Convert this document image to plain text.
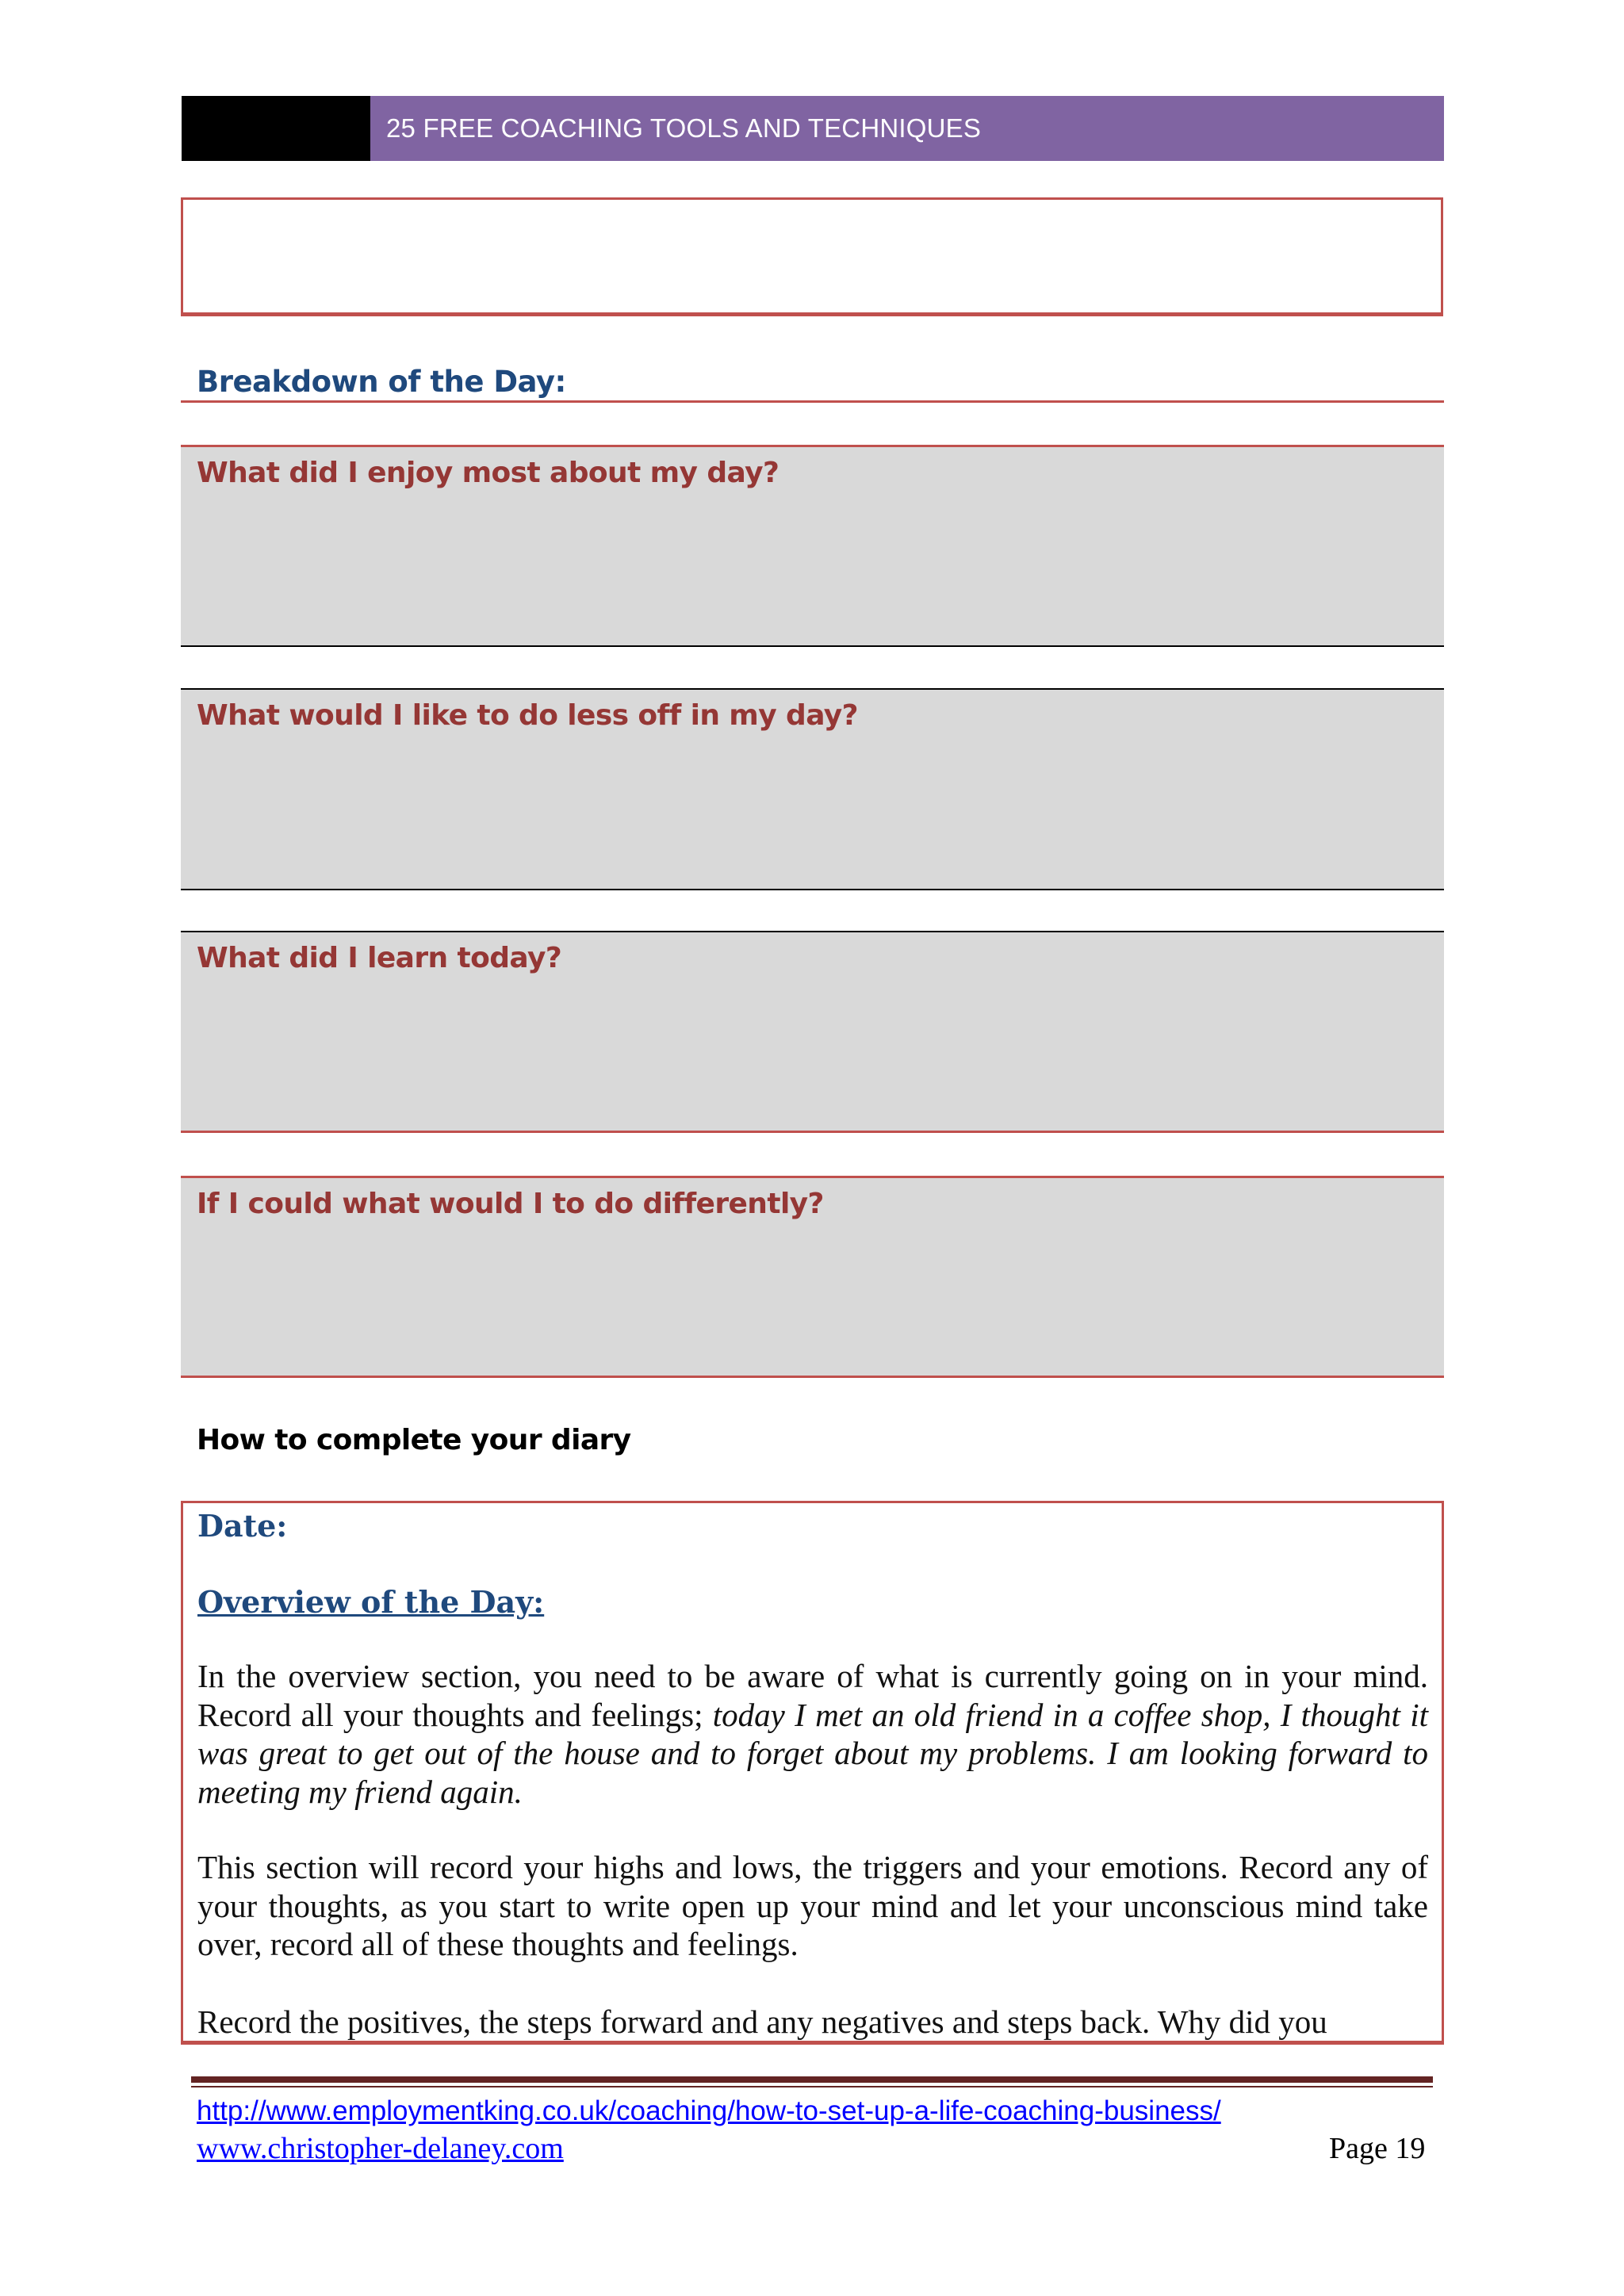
25 FREE COACHING TOOLS AND TECHNIQUES
Breakdown of the Day:
What did I enjoy most about my day?
What would I like to do less off in my day?
What did I learn today?
If I could what would I to do differently?
How to complete your diary
Date:
Overview of the Day:
In the overview section, you need to be aware of what is currently going on in your mind. Record all your thoughts and feelings; today I met an old friend in a coffee shop, I thought it was great to get out of the house and to forget about my problems. I am looking forward to meeting my friend again.
This section will record your highs and lows, the triggers and your emotions. Record any of your thoughts, as you start to write open up your mind and let your unconscious mind take over, record all of these thoughts and feelings.
Record the positives, the steps forward and any negatives and steps back. Why did you
http://www.employmentking.co.uk/coaching/how-to-set-up-a-life-coaching-business/
www.christopher-delaney.com	Page 19
